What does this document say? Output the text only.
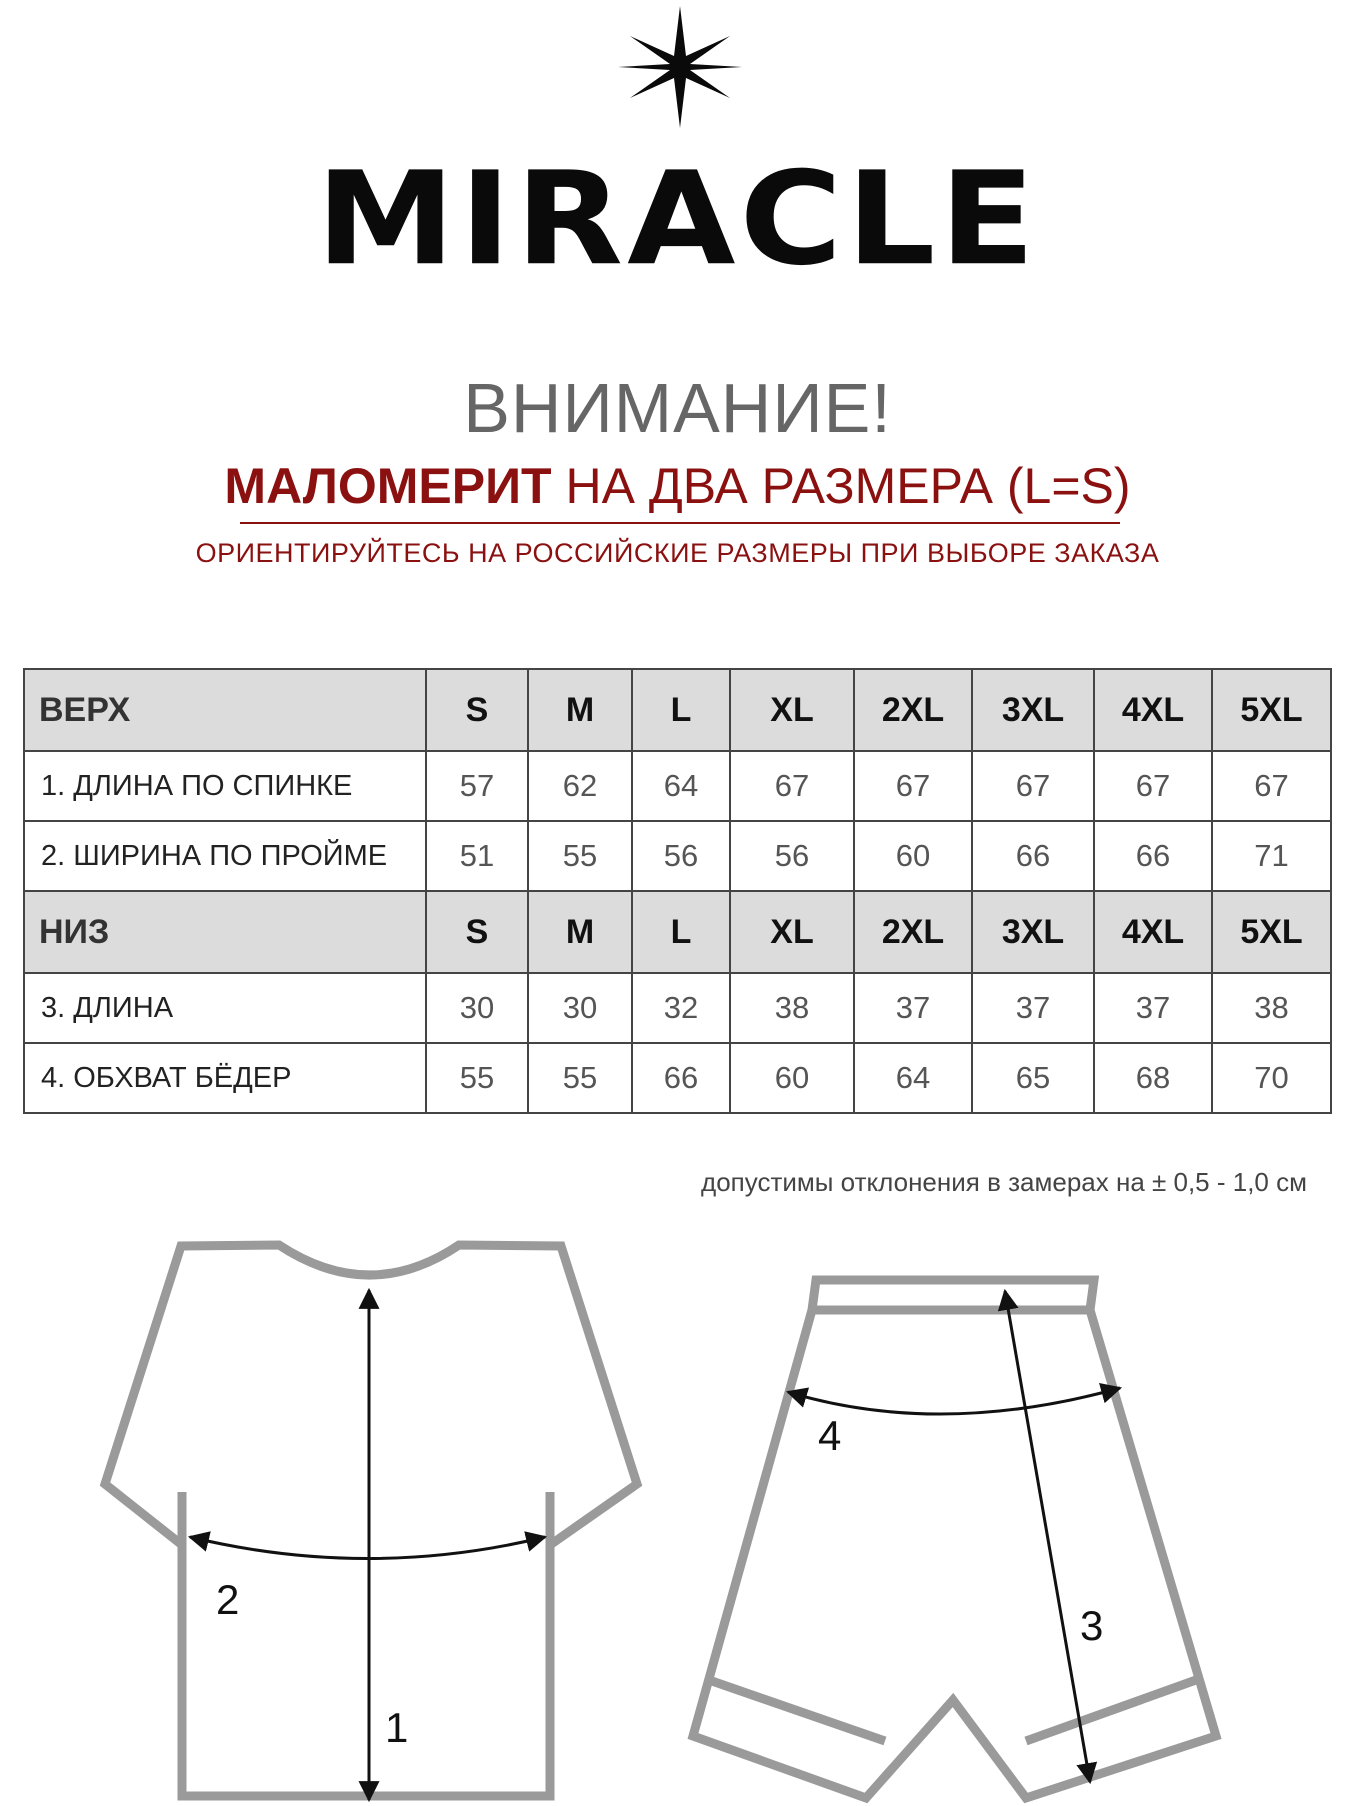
MIRACLE
ВНИМАНИЕ!
МАЛОМЕРИТ НА ДВА РАЗМЕРА (L=S)
ОРИЕНТИРУЙТЕСЬ НА РОССИЙСКИЕ РАЗМЕРЫ ПРИ ВЫБОРЕ ЗАКАЗА
ВЕРХ	S	M	L	XL	2XL	3XL	4XL	5XL
1. ДЛИНА ПО СПИНКЕ	57	62	64	67	67	67	67	67
2. ШИРИНА ПО ПРОЙМЕ	51	55	56	56	60	66	66	71
НИЗ	S	M	L	XL	2XL	3XL	4XL	5XL
3. ДЛИНА	30	30	32	38	37	37	37	38
4. ОБХВАТ БЁДЕР	55	55	66	60	64	65	68	70
допустимы отклонения в замерах на ± 0,5 - 1,0 см
1
2
3
4
